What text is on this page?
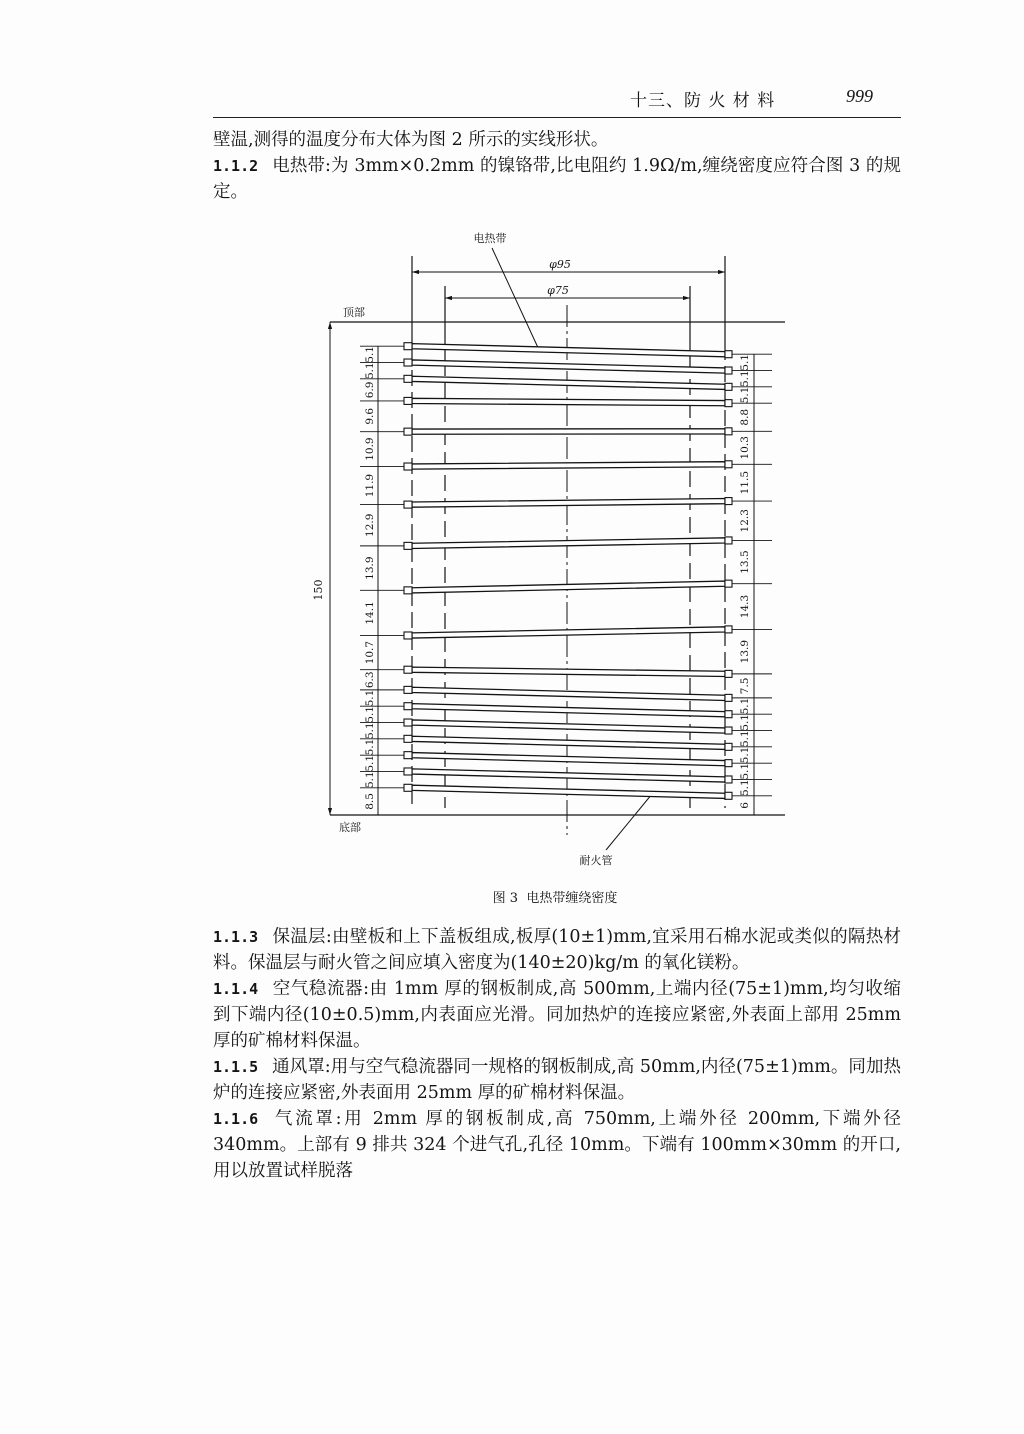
十三、防 火 材 料	999

壁温,测得的温度分布大体为图 2 所示的实线形状。

1.1.2 电热带:为 3mm×0.2mm 的镍铬带,比电阻约 1.9Ω/m,缠绕密度应符合图 3 的规定。

电热带
φ95
φ75
顶部
底部
150
耐火管
8.5	6
5.1	5.1
5.1	5.1
5.1	5.1
5.1	5.1
5.1	5.1
5.1	5.1
6.3	7.5
10.7	13.9
14.1	14.3
13.9	13.5
12.9	12.3
11.9	11.5
10.9	10.3
9.6	8.8
6.9	5.1
5.1	5.1
5.1	5.1
图 3  电热带缠绕密度

1.1.3 保温层:由壁板和上下盖板组成,板厚(10±1)mm,宜采用石棉水泥或类似的隔热材料。保温层与耐火管之间应填入密度为(140±20)kg/m 的氧化镁粉。

1.1.4 空气稳流器:由 1mm 厚的钢板制成,高 500mm,上端内径(75±1)mm,均匀收缩到下端内径(10±0.5)mm,内表面应光滑。同加热炉的连接应紧密,外表面上部用 25mm 厚的矿棉材料保温。

1.1.5 通风罩:用与空气稳流器同一规格的钢板制成,高 50mm,内径(75±1)mm。同加热炉的连接应紧密,外表面用 25mm 厚的矿棉材料保温。

1.1.6 气流罩:用 2mm 厚的钢板制成,高 750mm,上端外径 200mm,下端外径 340mm。上部有 9 排共 324 个进气孔,孔径 10mm。下端有 100mm×30mm 的开口,用以放置试样脱落
